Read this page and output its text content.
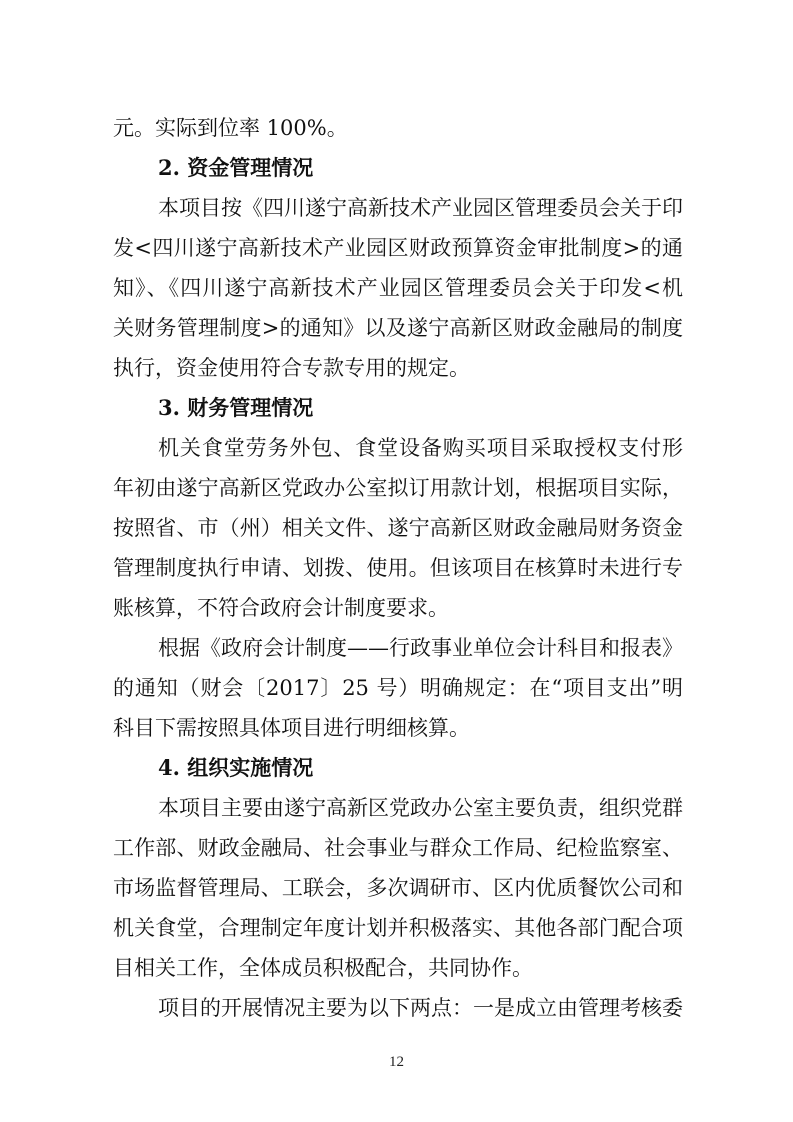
元。实际到位率 100%。
2. 资金管理情况
本项目按《四川遂宁高新技术产业园区管理委员会关于印
发<四川遂宁高新技术产业园区财政预算资金审批制度>的通
知》、《四川遂宁高新技术产业园区管理委员会关于印发<机
关财务管理制度>的通知》以及遂宁高新区财政金融局的制度
执行，资金使用符合专款专用的规定。
3. 财务管理情况
机关食堂劳务外包、食堂设备购买项目采取授权支付形
年初由遂宁高新区党政办公室拟订用款计划，根据项目实际，
按照省、市（州）相关文件、遂宁高新区财政金融局财务资金
管理制度执行申请、划拨、使用。但该项目在核算时未进行专
账核算，不符合政府会计制度要求。
根据《政府会计制度——行政事业单位会计科目和报表》
的通知（财会〔2017〕25 号）明确规定：在“项目支出”明
科目下需按照具体项目进行明细核算。
4. 组织实施情况
本项目主要由遂宁高新区党政办公室主要负责，组织党群
工作部、财政金融局、社会事业与群众工作局、纪检监察室、
市场监督管理局、工联会，多次调研市、区内优质餐饮公司和
机关食堂，合理制定年度计划并积极落实、其他各部门配合项
目相关工作，全体成员积极配合，共同协作。
项目的开展情况主要为以下两点：一是成立由管理考核委
12
